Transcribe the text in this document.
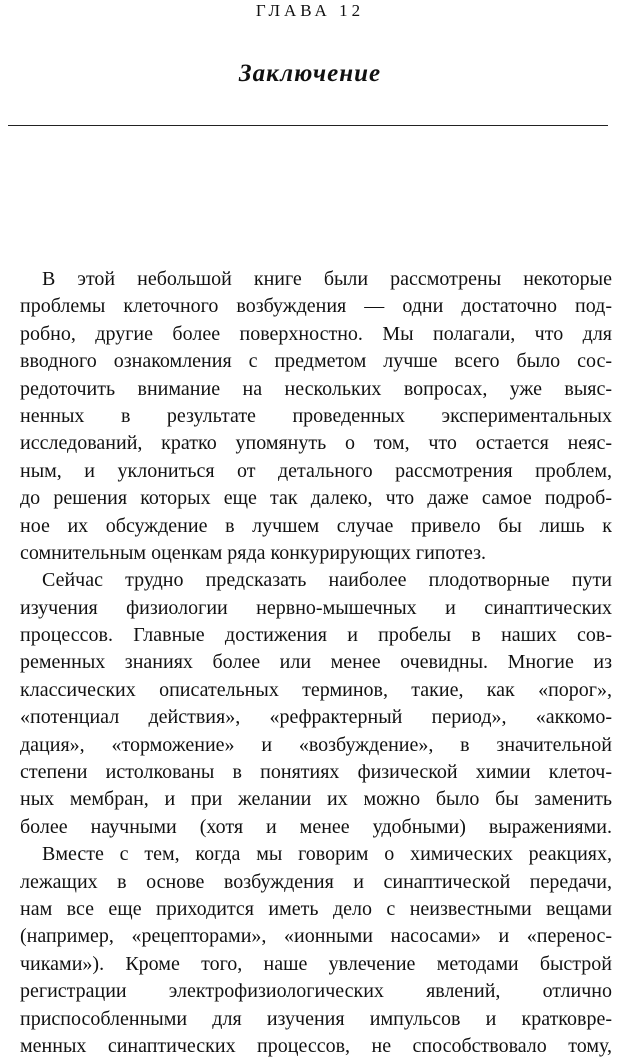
ГЛАВА 12
Заключение
В этой небольшой книге были рассмотрены некоторые
проблемы клеточного возбуждения — одни достаточно под-
робно, другие более поверхностно. Мы полагали, что для
вводного ознакомления с предметом лучше всего было сос-
редоточить внимание на нескольких вопросах, уже выяс-
ненных в результате проведенных экспериментальных
исследований, кратко упомянуть о том, что остается неяс-
ным, и уклониться от детального рассмотрения проблем,
до решения которых еще так далеко, что даже самое подроб-
ное их обсуждение в лучшем случае привело бы лишь к
сомнительным оценкам ряда конкурирующих гипотез.
Сейчас трудно предсказать наиболее плодотворные пути
изучения физиологии нервно-мышечных и синаптических
процессов. Главные достижения и пробелы в наших сов-
ременных знаниях более или менее очевидны. Многие из
классических описательных терминов, такие, как «порог»,
«потенциал действия», «рефрактерный период», «аккомо-
дация», «торможение» и «возбуждение», в значительной
степени истолкованы в понятиях физической химии клеточ-
ных мембран, и при желании их можно было бы заменить
более научными (хотя и менее удобными) выражениями.
Вместе с тем, когда мы говорим о химических реакциях,
лежащих в основе возбуждения и синаптической передачи,
нам все еще приходится иметь дело с неизвестными вещами
(например, «рецепторами», «ионными насосами» и «перенос-
чиками»). Кроме того, наше увлечение методами быстрой
регистрации электрофизиологических явлений, отлично
приспособленными для изучения импульсов и кратковре-
менных синаптических процессов, не способствовало тому,
